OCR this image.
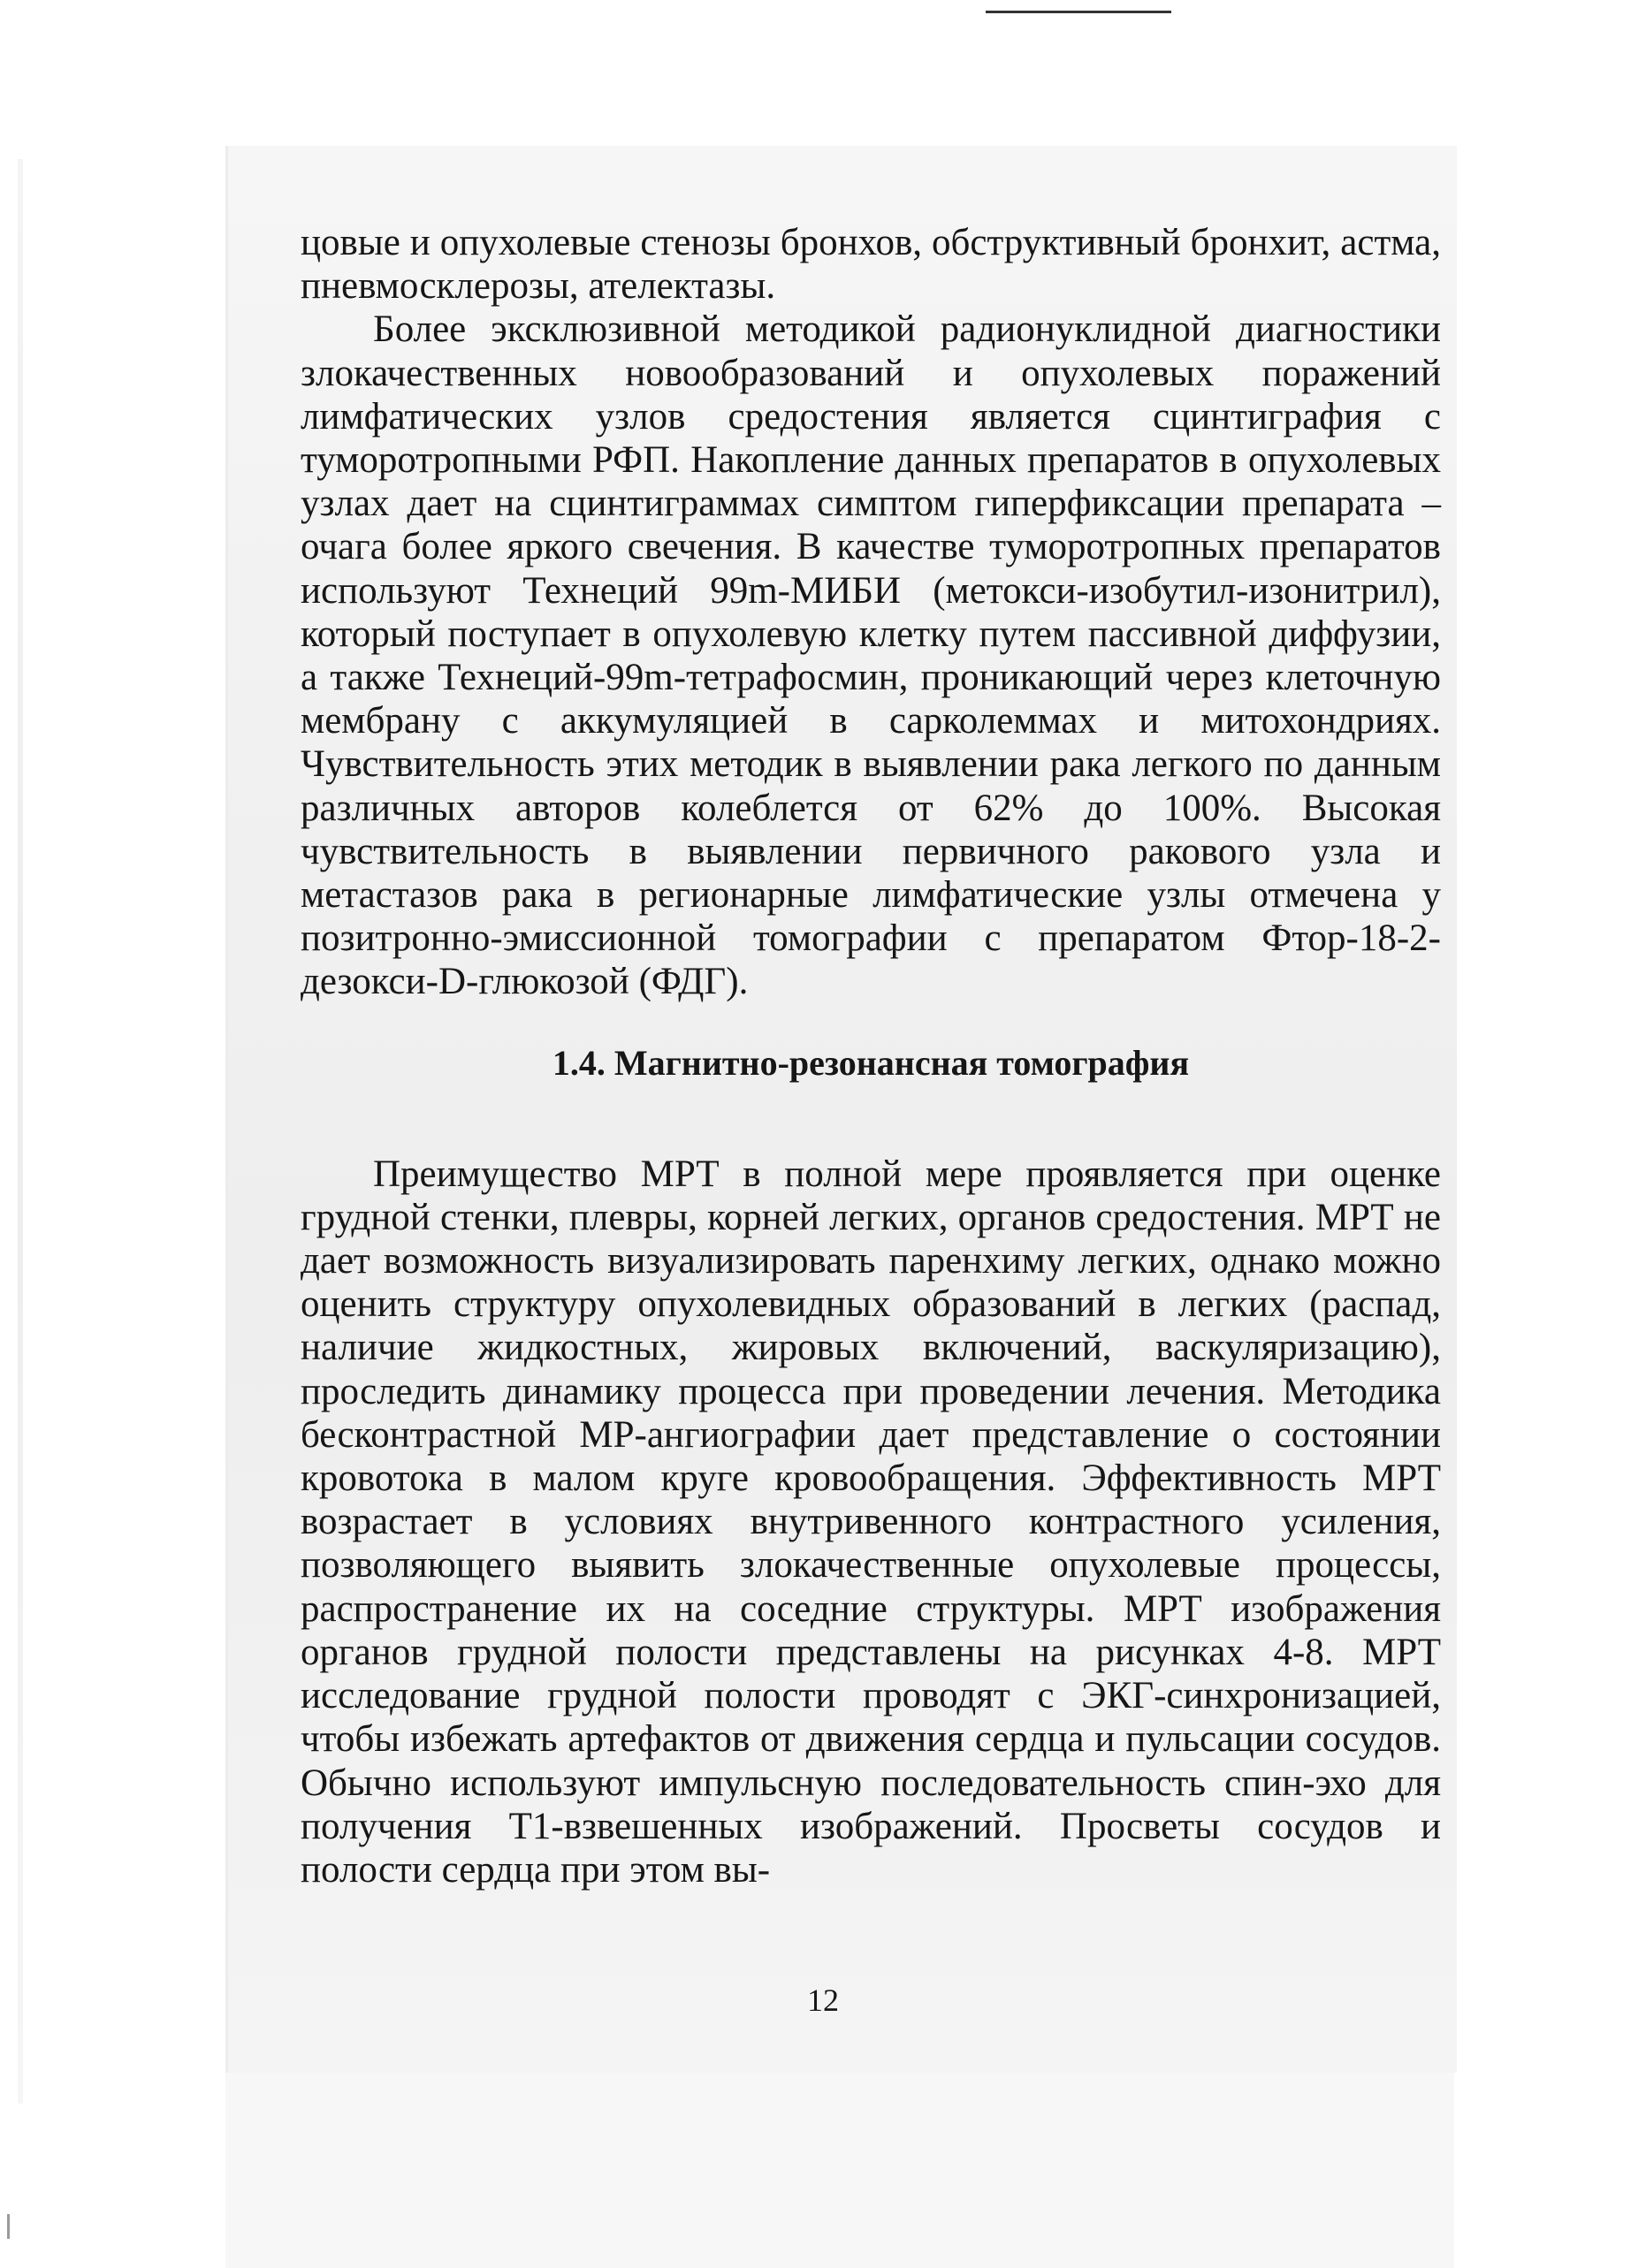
цовые и опухолевые стенозы бронхов, обструктивный бронхит, астма, пневмосклерозы, ателектазы.

Более эксклюзивной методикой радионуклидной диагностики злокачественных новообразований и опухолевых поражений лимфатических узлов средостения является сцинтиграфия с туморотропными РФП. Накопление данных препаратов в опухолевых узлах дает на сцинтиграммах симптом гиперфиксации препарата – очага более яркого свечения. В качестве туморотропных препаратов используют Технеций 99m-МИБИ (метокси-изобутил-изонитрил), который поступает в опухолевую клетку путем пассивной диффузии, а также Технеций-99m-тетрафосмин, проникающий через клеточную мембрану с аккумуляцией в сарколеммах и митохондриях. Чувствительность этих методик в выявлении рака легкого по данным различных авторов колеблется от 62% до 100%. Высокая чувствительность в выявлении первичного ракового узла и метастазов рака в регионарные лимфатические узлы отмечена у позитронно-эмиссионной томографии с препаратом Фтор-18-2-дезокси-D-глюкозой (ФДГ).

1.4. Магнитно-резонансная томография

Преимущество МРТ в полной мере проявляется при оценке грудной стенки, плевры, корней легких, органов средостения. МРТ не дает возможность визуализировать паренхиму легких, однако можно оценить структуру опухолевидных образований в легких (распад, наличие жидкостных, жировых включений, васкуляризацию), проследить динамику процесса при проведении лечения. Методика бесконтрастной МР-ангиографии дает представление о состоянии кровотока в малом круге кровообращения. Эффективность МРТ возрастает в условиях внутривенного контрастного усиления, позволяющего выявить злокачественные опухолевые процессы, распространение их на соседние структуры. МРТ изображения органов грудной полости представлены на рисунках 4-8. МРТ исследование грудной полости проводят с ЭКГ-синхронизацией, чтобы избежать артефактов от движения сердца и пульсации сосудов. Обычно используют импульсную последовательность спин-эхо для получения Т1-взвешенных изображений. Просветы сосудов и полости сердца при этом вы-

12
